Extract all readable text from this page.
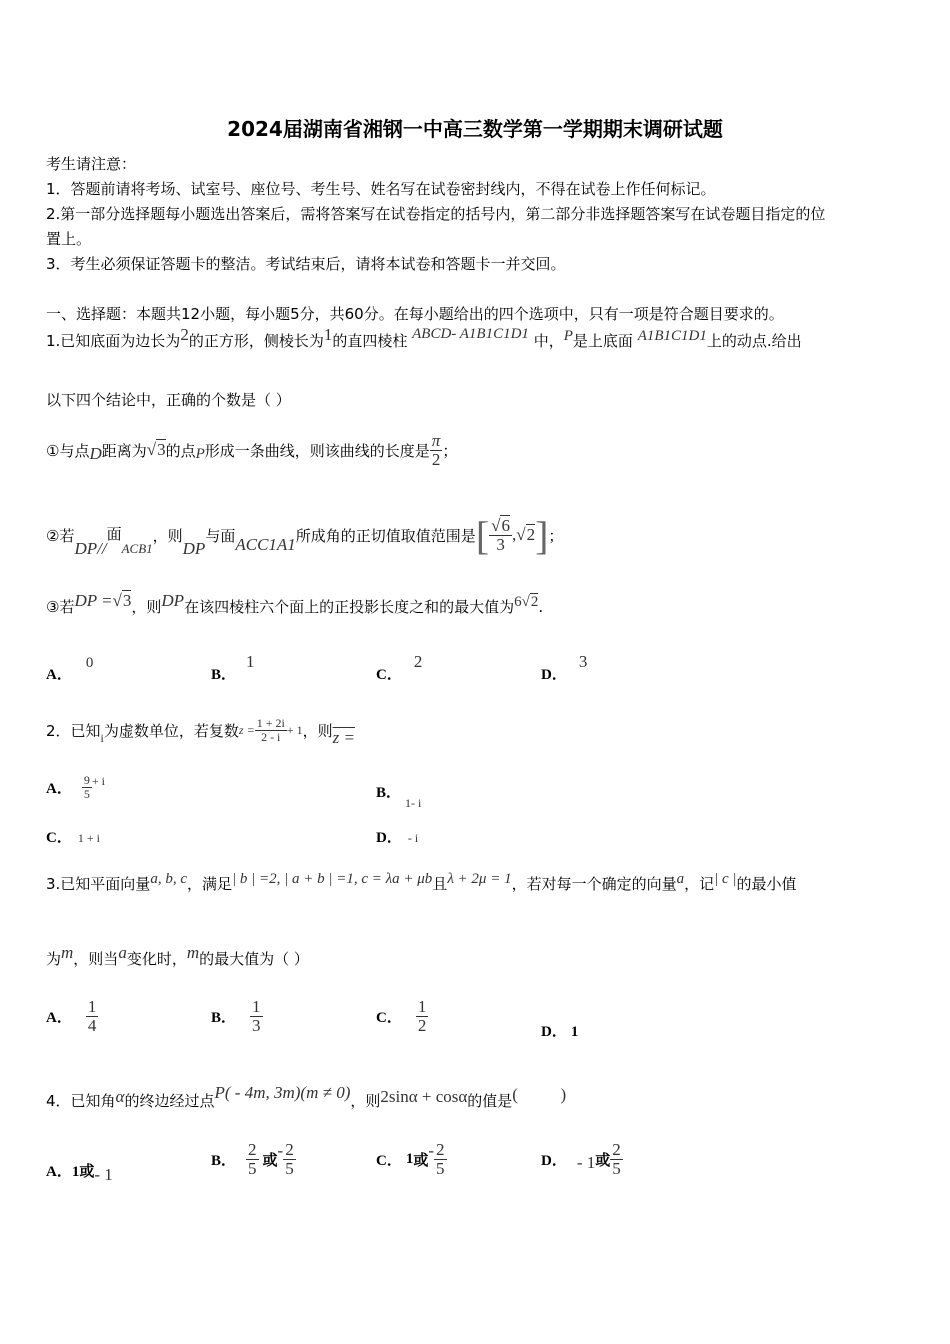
2024届湖南省湘钢一中高三数学第一学期期末调研试题
考生请注意：
1．答题前请将考场、试室号、座位号、考生号、姓名写在试卷密封线内，不得在试卷上作任何标记。
2.第一部分选择题每小题选出答案后，需将答案写在试卷指定的括号内，第二部分非选择题答案写在试卷题目指定的位
置上。
3．考生必须保证答题卡的整洁。考试结束后，请将本试卷和答题卡一并交回。
一、选择题：本题共12小题，每小题5分，共60分。在每小题给出的四个选项中，只有一项是符合题目要求的。
1.已知底面为边长为2的正方形，侧棱长为1的直四棱柱 ABCD- A1B1C1D1 中，P是上底面 A1B1C1D1上的动点.给出
以下四个结论中，正确的个数是（ ）
①与点 D 距离为 √3 的点 P 形成一条曲线，则该曲线的长度是 $\frac{\pi}{2}$ ；
②若
DP//
面
ACB1
，则
DP
与面 ACC1A1 所成角的正切值取值范围是 [ $\frac{√6}{3} ,√2$ ] ；
③若DP =√3，则DP在该四棱柱六个面上的正投影长度之和的最大值为6√2.
A．0
B．1
C．2
D．3
2．已知 i 为虚数单位，若复数 $z = \frac{1 + 2i}{2 - i} + 1$ ，则 z =
A． $\frac{9}{5} + i$
B．$_{1- i}$
C． 1 + i	D． - i
3.已知平面向量a, b, c，满足| b | =2, | a + b | =1, c = λa + μb且λ + 2μ = 1，若对每一个确定的向量a，记| c |的最小值
为m，则当a变化时，m的最大值为（ ）
A． $\frac{1}{4}$	B． $\frac{1}{3}$	C． $\frac{1}{2}$	D． 1
4．已知角α的终边经过点P( - 4m, 3m)(m ≠ 0)，则2sinα + cosα的值是(          )
A．1或- 1
B． $\frac{2}{5}$ 或
- $\frac{2}{5}$	C． 1 或
- $\frac{2}{5}$	D． - 1 或 $\frac{2}{5}$
